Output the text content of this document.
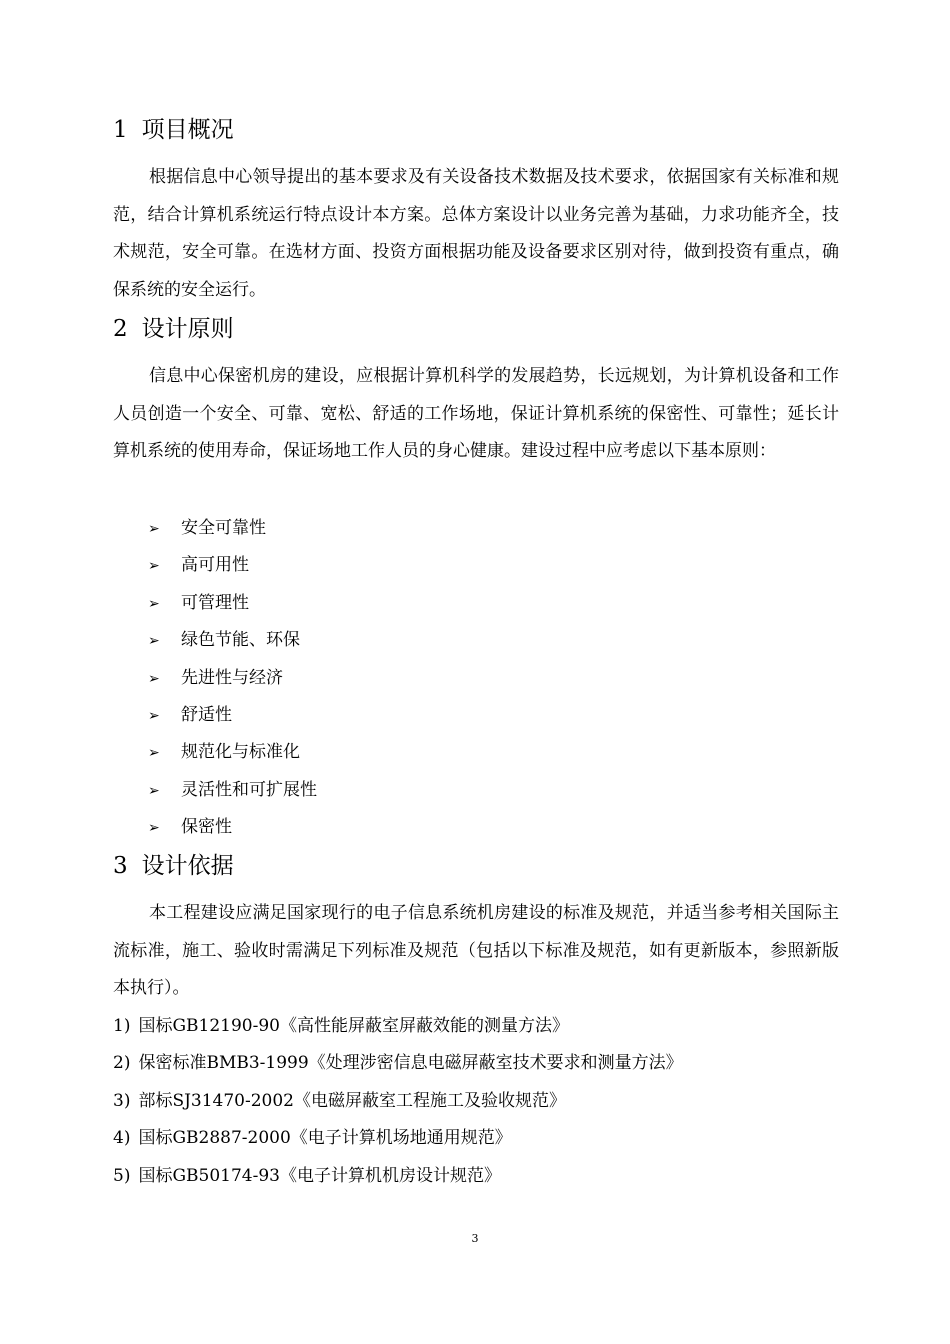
1 项目概况
根据信息中心领导提出的基本要求及有关设备技术数据及技术要求，依据国家有关标准和规范，结合计算机系统运行特点设计本方案。总体方案设计以业务完善为基础，力求功能齐全，技术规范，安全可靠。在选材方面、投资方面根据功能及设备要求区别对待，做到投资有重点，确保系统的安全运行。
2 设计原则
信息中心保密机房的建设，应根据计算机科学的发展趋势，长远规划，为计算机设备和工作人员创造一个安全、可靠、宽松、舒适的工作场地，保证计算机系统的保密性、可靠性；延长计算机系统的使用寿命，保证场地工作人员的身心健康。建设过程中应考虑以下基本原则：
➢ 安全可靠性
➢ 高可用性
➢ 可管理性
➢ 绿色节能、环保
➢ 先进性与经济
➢ 舒适性
➢ 规范化与标准化
➢ 灵活性和可扩展性
➢ 保密性
3 设计依据
本工程建设应满足国家现行的电子信息系统机房建设的标准及规范，并适当参考相关国际主流标准，施工、验收时需满足下列标准及规范（包括以下标准及规范，如有更新版本，参照新版本执行）。
1) 国标GB12190-90《高性能屏蔽室屏蔽效能的测量方法》
2) 保密标准BMB3-1999《处理涉密信息电磁屏蔽室技术要求和测量方法》
3) 部标SJ31470-2002《电磁屏蔽室工程施工及验收规范》
4) 国标GB2887-2000《电子计算机场地通用规范》
5) 国标GB50174-93《电子计算机机房设计规范》
3
